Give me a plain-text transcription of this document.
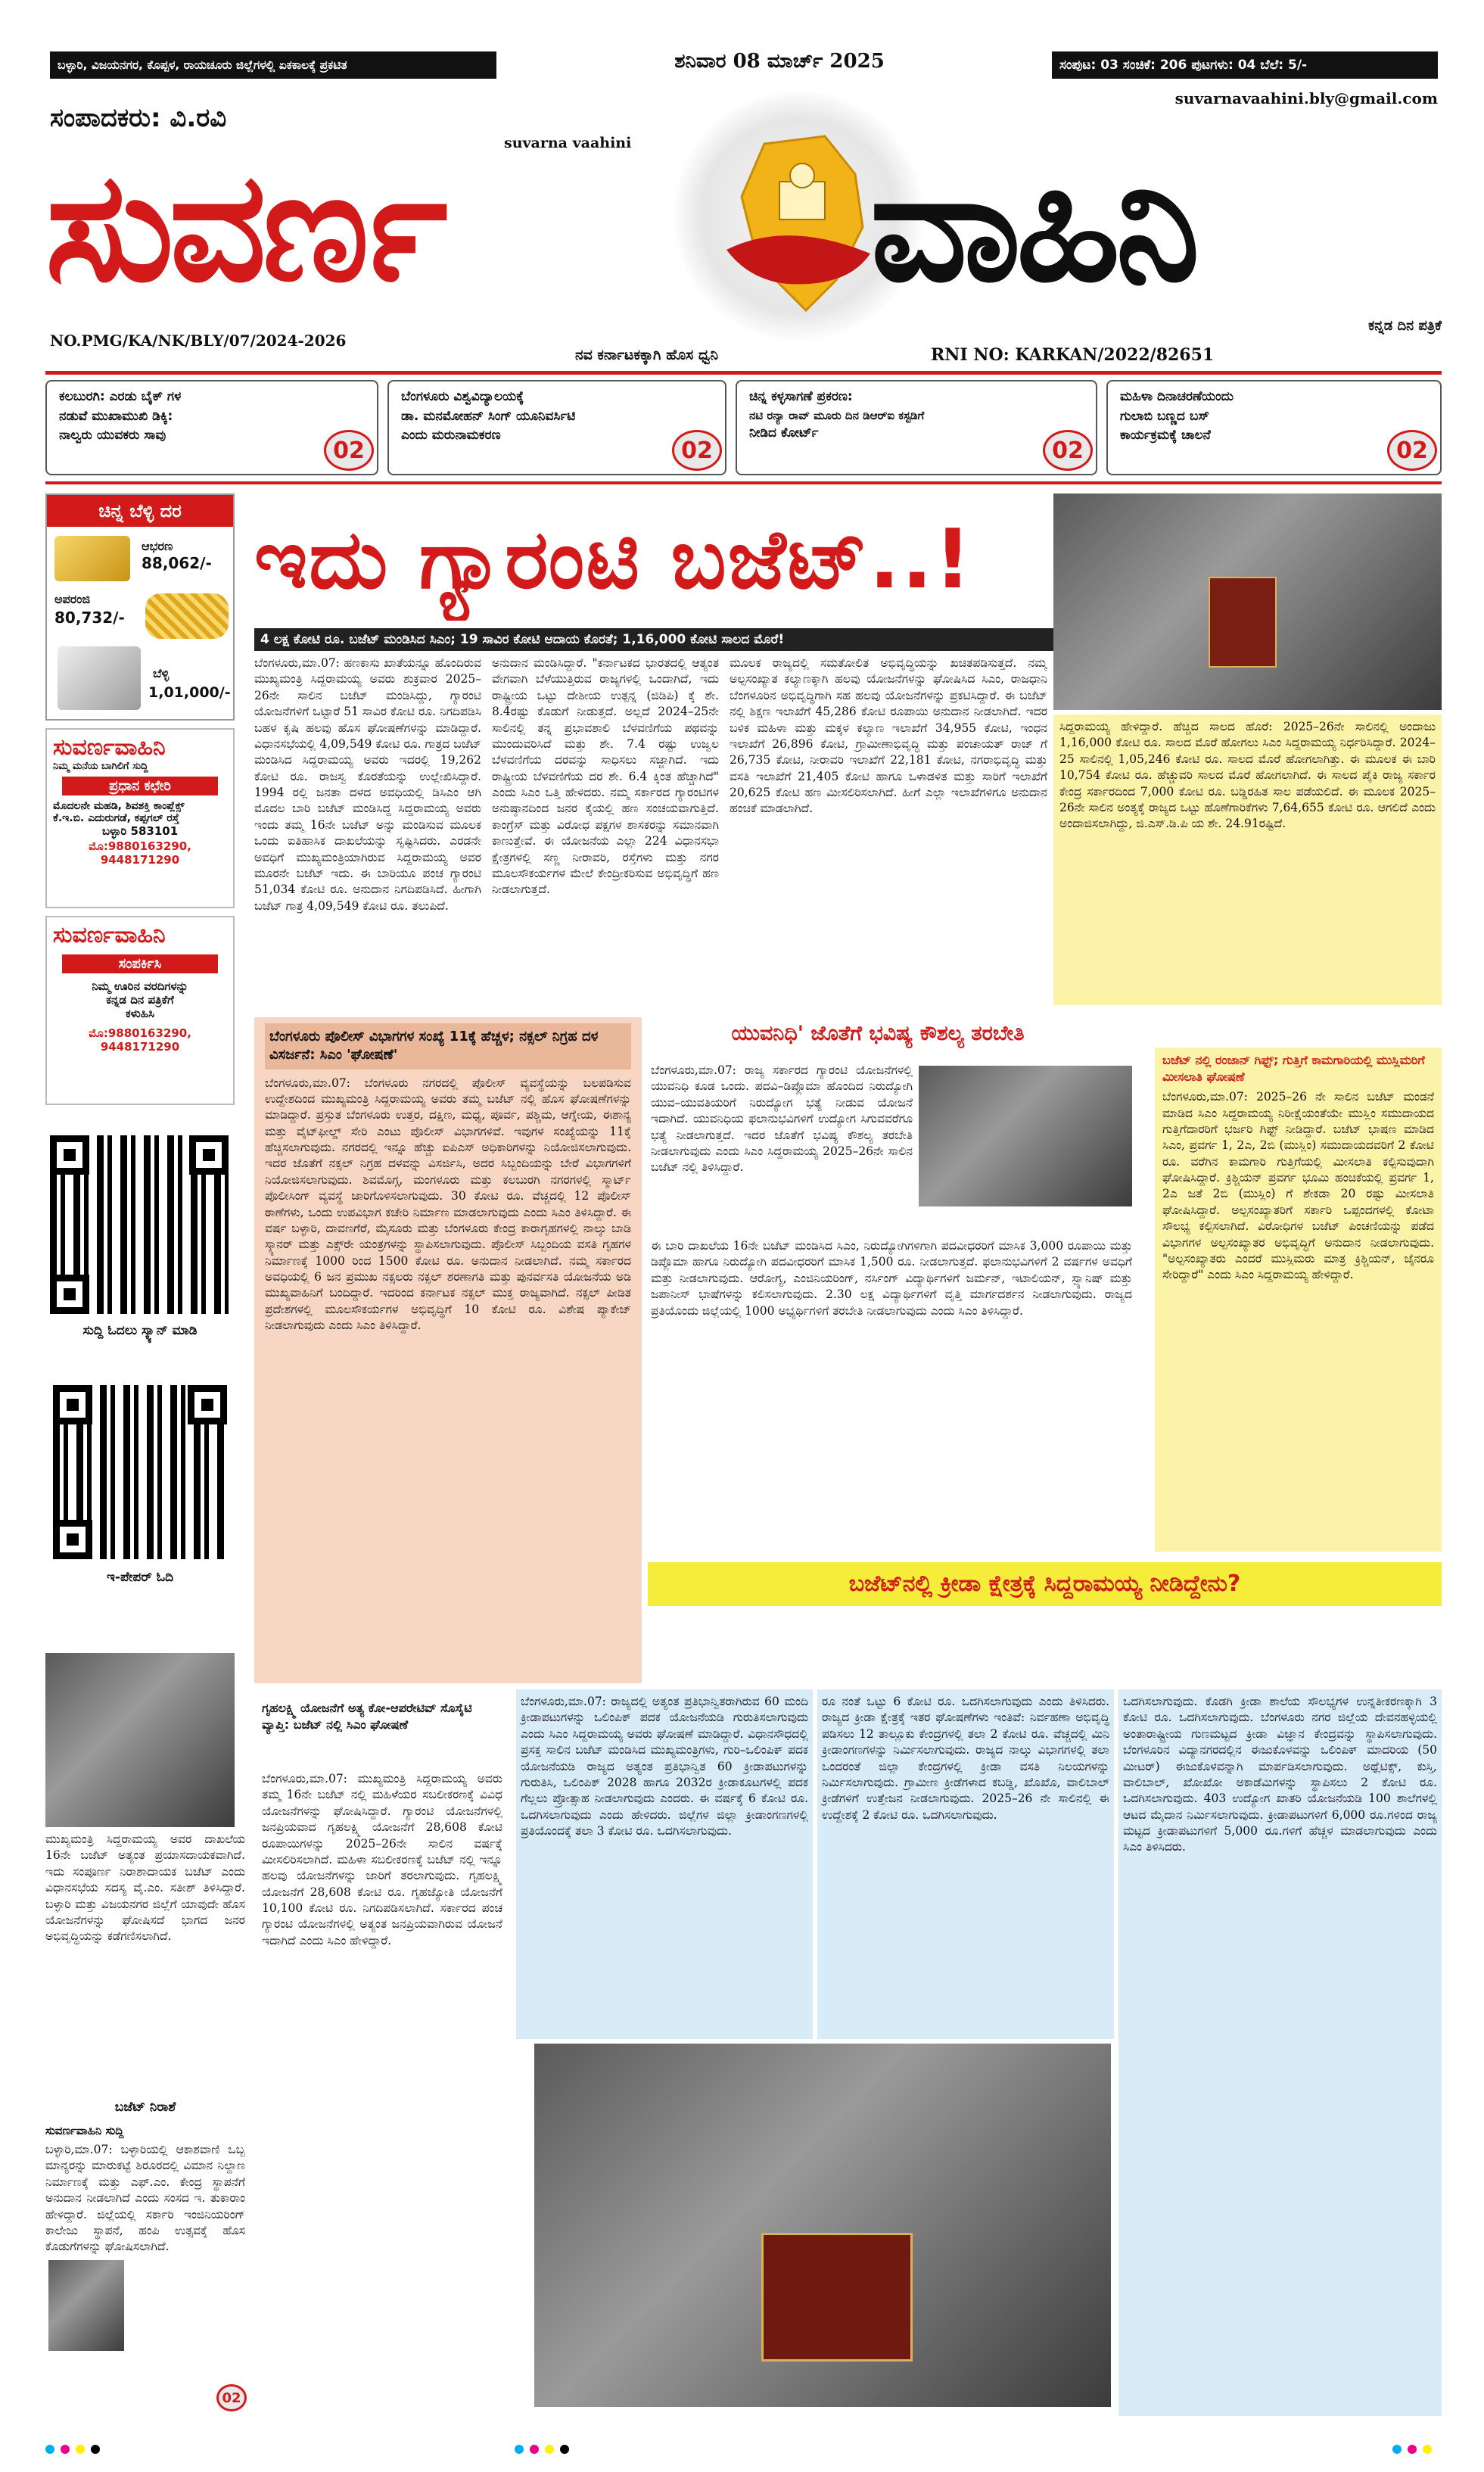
ಬಳ್ಳಾರಿ, ವಿಜಯನಗರ, ಕೊಪ್ಪಳ, ರಾಯಚೂರು ಜಿಲ್ಲೆಗಳಲ್ಲಿ ಏಕಕಾಲಕ್ಕೆ ಪ್ರಕಟಿತ	ಶನಿವಾರ 08 ಮಾರ್ಚ್ 2025	ಸಂಪುಟ: 03 ಸಂಚಿಕೆ: 206 ಪುಟಗಳು: 04 ಬೆಲೆ: 5/-
suvarnavaahini.bly@gmail.com
ಸಂಪಾದಕರು: ವಿ.ರವಿ
suvarna vaahini
ಸುವರ್ಣ	ವಾಹಿನಿ
NO.PMG/KA/NK/BLY/07/2024-2026
ನವ ಕರ್ನಾಟಕಕ್ಕಾಗಿ ಹೊಸ ಧ್ವನಿ	RNI NO: KARKAN/2022/82651
ಕನ್ನಡ ದಿನ ಪತ್ರಿಕೆ
ಕಲಬುರಗಿ: ಎರಡು ಬೈಕ್ ಗಳ
ನಡುವೆ ಮುಖಾಮುಖಿ ಡಿಕ್ಕಿ:
ನಾಲ್ವರು ಯುವಕರು ಸಾವು
02
ಬೆಂಗಳೂರು ವಿಶ್ವವಿದ್ಯಾಲಯಕ್ಕೆ
ಡಾ. ಮನಮೋಹನ್ ಸಿಂಗ್ ಯೂನಿವರ್ಸಿಟಿ
ಎಂದು ಮರುನಾಮಕರಣ
02
ಚಿನ್ನ ಕಳ್ಳಸಾಗಣೆ ಪ್ರಕರಣ:
ನಟಿ ರನ್ಯಾ ರಾವ್ ಮೂರು ದಿನ ಡಿಆರ್‌ಐ ಕಸ್ಟಡಿಗೆ
ನೀಡಿದ ಕೋರ್ಟ್
02
ಮಹಿಳಾ ದಿನಾಚರಣೆಯಂದು
ಗುಲಾಬಿ ಬಣ್ಣದ ಬಸ್
ಕಾರ್ಯಕ್ರಮಕ್ಕೆ ಚಾಲನೆ
02
ಚಿನ್ನ ಬೆಳ್ಳಿ ದರ
ಆಭರಣ
88,062/-
ಅಪರಂಜಿ
80,732/-
ಬೆಳ್ಳಿ
1,01,000/-
ಸುವರ್ಣವಾಹಿನಿ
ನಿಮ್ಮ ಮನೆಯ ಬಾಗಿಲಿಗೆ ಸುದ್ದಿ
ಪ್ರಧಾನ ಕಛೇರಿ
ಮೊದಲನೇ ಮಹಡಿ, ಶಿವಶಕ್ತಿ ಕಾಂಪ್ಲೆಕ್ಸ್
ಕೆ.ಇ.ಬಿ. ಎದುರುಗಡೆ, ಕಪ್ಪಗಲ್ ರಸ್ತೆ
ಬಳ್ಳಾರಿ 583101
ಮೊ:9880163290, 9448171290
ಸುವರ್ಣವಾಹಿನಿ
ಸಂಪರ್ಕಿಸಿ
ನಿಮ್ಮ ಊರಿನ ವರದಿಗಳನ್ನು
ಕನ್ನಡ ದಿನ ಪತ್ರಿಕೆಗೆ
ಕಳುಹಿಸಿ
ಮೊ:9880163290, 9448171290
ಸುದ್ದಿ ಓದಲು ಸ್ಕ್ಯಾನ್ ಮಾಡಿ
ಇ-ಪೇಪರ್ ಓದಿ
ಇದು ಗ್ಯಾರಂಟಿ ಬಜೆಟ್..!
4 ಲಕ್ಷ ಕೋಟಿ ರೂ. ಬಜೆಟ್ ಮಂಡಿಸಿದ ಸಿಎಂ; 19 ಸಾವಿರ ಕೋಟಿ ಆದಾಯ ಕೊರತೆ; 1,16,000 ಕೋಟಿ ಸಾಲದ ಮೊರೆ!
ಬೆಂಗಳೂರು,ಮಾ.07: ಹಣಕಾಸು ಖಾತೆಯನ್ನೂ ಹೊಂದಿರುವ ಮುಖ್ಯಮಂತ್ರಿ ಸಿದ್ದರಾಮಯ್ಯ ಅವರು ಶುಕ್ರವಾರ 2025–26ನೇ ಸಾಲಿನ ಬಜೆಟ್ ಮಂಡಿಸಿದ್ದು, ಗ್ಯಾರಂಟಿ ಯೋಜನೆಗಳಿಗೆ ಒಟ್ಟಾರೆ 51 ಸಾವಿರ ಕೋಟಿ ರೂ. ನಿಗದಿಪಡಿಸಿ ಬಹಳ ಕೃಷಿ ಹಲವು ಹೊಸ ಘೋಷಣೆಗಳನ್ನು ಮಾಡಿದ್ದಾರೆ. ವಿಧಾನಸಭೆಯಲ್ಲಿ 4,09,549 ಕೋಟಿ ರೂ. ಗಾತ್ರದ ಬಜೆಟ್ ಮಂಡಿಸಿದ ಸಿದ್ದರಾಮಯ್ಯ ಅವರು ಇದರಲ್ಲಿ 19,262 ಕೋಟಿ ರೂ. ರಾಜಸ್ವ ಕೊರತೆಯನ್ನು ಉಲ್ಲೇಖಿಸಿದ್ದಾರೆ. 1994 ರಲ್ಲಿ ಜನತಾ ದಳದ ಅವಧಿಯಲ್ಲಿ ಡಿಸಿಎಂ ಆಗಿ ಮೊದಲ ಬಾರಿ ಬಜೆಟ್ ಮಂಡಿಸಿದ್ದ ಸಿದ್ದರಾಮಯ್ಯ ಅವರು ಇಂದು ತಮ್ಮ 16ನೇ ಬಜೆಟ್ ಅನ್ನು ಮಂಡಿಸುವ ಮೂಲಕ ಒಂದು ಐತಿಹಾಸಿಕ ದಾಖಲೆಯನ್ನು ಸೃಷ್ಟಿಸಿದರು. ಎರಡನೇ ಅವಧಿಗೆ ಮುಖ್ಯಮಂತ್ರಿಯಾಗಿರುವ ಸಿದ್ದರಾಮಯ್ಯ ಅವರ ಮೂರನೇ ಬಜೆಟ್ ಇದು. ಈ ಬಾರಿಯೂ ಪಂಚ ಗ್ಯಾರಂಟಿ 51,034 ಕೋಟಿ ರೂ. ಅನುದಾನ ನಿಗದಿಪಡಿಸಿದೆ. ಹೀಗಾಗಿ ಬಜೆಟ್ ಗಾತ್ರ 4,09,549 ಕೋಟಿ ರೂ. ತಲುಪಿದೆ.
ಅನುದಾನ ಮಂಡಿಸಿದ್ದಾರೆ. "ಕರ್ನಾಟಕದ ಭಾರತದಲ್ಲಿ ಆತ್ಯಂತ ವೇಗವಾಗಿ ಬೆಳೆಯುತ್ತಿರುವ ರಾಜ್ಯಗಳಲ್ಲಿ ಒಂದಾಗಿದೆ, ಇದು ರಾಷ್ಟ್ರೀಯ ಒಟ್ಟು ದೇಶೀಯ ಉತ್ಪನ್ನ (ಜಿಡಿಪಿ) ಕ್ಕೆ ಶೇ. 8.4ರಷ್ಟು ಕೊಡುಗೆ ನೀಡುತ್ತದೆ. ಅಲ್ಲದೆ 2024–25ನೇ ಸಾಲಿನಲ್ಲಿ ತನ್ನ ಪ್ರಭಾವಶಾಲಿ ಬೆಳವಣಿಗೆಯ ಪಥವನ್ನು ಮುಂದುವರಿಸಿದೆ ಮತ್ತು ಶೇ. 7.4 ರಷ್ಟು ಉಜ್ವಲ ಬೆಳವಣಿಗೆಯ ದರವನ್ನು ಸಾಧಿಸಲು ಸಜ್ಜಾಗಿದೆ. ಇದು ರಾಷ್ಟ್ರೀಯ ಬೆಳವಣಿಗೆಯ ದರ ಶೇ. 6.4 ಕ್ಕಿಂತ ಹೆಚ್ಚಾಗಿದೆ" ಎಂದು ಸಿಎಂ ಒತ್ತಿ ಹೇಳಿದರು. ನಮ್ಮ ಸರ್ಕಾರದ ಗ್ಯಾರಂಟಿಗಳ ಅನುಷ್ಠಾನದಿಂದ ಜನರ ಕೈಯಲ್ಲಿ ಹಣ ಸಂಚಯವಾಗುತ್ತಿದೆ. ಕಾಂಗ್ರೆಸ್ ಮತ್ತು ವಿರೋಧ ಪಕ್ಷಗಳ ಶಾಸಕರನ್ನು ಸಮಾನವಾಗಿ ಕಾಣುತ್ತೇವೆ. ಈ ಯೋಜನೆಯ ಎಲ್ಲಾ 224 ವಿಧಾನಸಭಾ ಕ್ಷೇತ್ರಗಳಲ್ಲಿ ಸಣ್ಣ ನೀರಾವರಿ, ರಸ್ತೆಗಳು ಮತ್ತು ನಗರ ಮೂಲಸೌಕರ್ಯಗಳ ಮೇಲೆ ಕೇಂದ್ರೀಕರಿಸುವ ಅಭಿವೃದ್ಧಿಗೆ ಹಣ ನೀಡಲಾಗುತ್ತದೆ.
ಮೂಲಕ ರಾಜ್ಯದಲ್ಲಿ ಸಮತೋಲಿತ ಅಭಿವೃದ್ಧಿಯನ್ನು ಖಚಿತಪಡಿಸುತ್ತದೆ. ನಮ್ಮ ಅಲ್ಪಸಂಖ್ಯಾತ ಕಲ್ಯಾಣಕ್ಕಾಗಿ ಹಲವು ಯೋಜನೆಗಳನ್ನು ಘೋಷಿಸಿದ ಸಿಎಂ, ರಾಜಧಾನಿ ಬೆಂಗಳೂರಿನ ಅಭಿವೃದ್ಧಿಗಾಗಿ ಸಹ ಹಲವು ಯೋಜನೆಗಳನ್ನು ಪ್ರಕಟಿಸಿದ್ದಾರೆ. ಈ ಬಜೆಟ್ ನಲ್ಲಿ ಶಿಕ್ಷಣ ಇಲಾಖೆಗೆ 45,286 ಕೋಟಿ ರೂಪಾಯಿ ಅನುದಾನ ನೀಡಲಾಗಿದೆ. ಇದರ ಬಳಿಕ ಮಹಿಳಾ ಮತ್ತು ಮಕ್ಕಳ ಕಲ್ಯಾಣ ಇಲಾಖೆಗೆ 34,955 ಕೋಟಿ, ಇಂಧನ ಇಲಾಖೆಗೆ 26,896 ಕೋಟಿ, ಗ್ರಾಮೀಣಾಭಿವೃದ್ಧಿ ಮತ್ತು ಪಂಚಾಯತ್ ರಾಜ್ ಗೆ 26,735 ಕೋಟಿ, ನೀರಾವರಿ ಇಲಾಖೆಗೆ 22,181 ಕೋಟಿ, ನಗರಾಭಿವೃದ್ಧಿ ಮತ್ತು ವಸತಿ ಇಲಾಖೆಗೆ 21,405 ಕೋಟಿ ಹಾಗೂ ಒಳಾಡಳಿತ ಮತ್ತು ಸಾರಿಗೆ ಇಲಾಖೆಗೆ 20,625 ಕೋಟಿ ಹಣ ಮೀಸಲಿರಿಸಲಾಗಿದೆ. ಹೀಗೆ ಎಲ್ಲಾ ಇಲಾಖೆಗಳಿಗೂ ಅನುದಾನ ಹಂಚಿಕೆ ಮಾಡಲಾಗಿದೆ.
ಸಿದ್ದರಾಮಯ್ಯ ಹೇಳಿದ್ದಾರೆ. ಹೆಚ್ಚಿದ ಸಾಲದ ಹೊರೆ: 2025–26ನೇ ಸಾಲಿನಲ್ಲಿ ಅಂದಾಜು 1,16,000 ಕೋಟಿ ರೂ. ಸಾಲದ ಮೊರೆ ಹೋಗಲು ಸಿಎಂ ಸಿದ್ದರಾಮಯ್ಯ ನಿರ್ಧರಿಸಿದ್ದಾರೆ. 2024–25 ಸಾಲಿನಲ್ಲಿ 1,05,246 ಕೋಟಿ ರೂ. ಸಾಲದ ಮೊರೆ ಹೋಗಲಾಗಿತ್ತು. ಈ ಮೂಲಕ ಈ ಬಾರಿ 10,754 ಕೋಟಿ ರೂ. ಹೆಚ್ಚುವರಿ ಸಾಲದ ಮೊರೆ ಹೋಗಲಾಗಿದೆ. ಈ ಸಾಲದ ಪೈಕಿ ರಾಜ್ಯ ಸರ್ಕಾರ ಕೇಂದ್ರ ಸರ್ಕಾರದಿಂದ 7,000 ಕೋಟಿ ರೂ. ಬಡ್ಡಿರಹಿತ ಸಾಲ ಪಡೆಯಲಿದೆ. ಈ ಮೂಲಕ 2025–26ನೇ ಸಾಲಿನ ಅಂತ್ಯಕ್ಕೆ ರಾಜ್ಯದ ಒಟ್ಟು ಹೊಣೆಗಾರಿಕೆಗಳು 7,64,655 ಕೋಟಿ ರೂ. ಆಗಲಿದೆ ಎಂದು ಅಂದಾಜಿಸಲಾಗಿದ್ದು, ಜಿ.ಎಸ್.ಡಿ.ಪಿ ಯ ಶೇ. 24.91ರಷ್ಟಿದೆ.
ಬೆಂಗಳೂರು ಪೊಲೀಸ್ ವಿಭಾಗಗಳ ಸಂಖ್ಯೆ 11ಕ್ಕೆ ಹೆಚ್ಚಳ; ನಕ್ಸಲ್ ನಿಗ್ರಹ ದಳ ವಿಸರ್ಜನೆ: ಸಿಎಂ 'ಘೋಷಣೆ'
ಬೆಂಗಳೂರು,ಮಾ.07: ಬೆಂಗಳೂರು ನಗರದಲ್ಲಿ ಪೊಲೀಸ್ ವ್ಯವಸ್ಥೆಯನ್ನು ಬಲಪಡಿಸುವ ಉದ್ದೇಶದಿಂದ ಮುಖ್ಯಮಂತ್ರಿ ಸಿದ್ದರಾಮಯ್ಯ ಅವರು ತಮ್ಮ ಬಜೆಟ್ ನಲ್ಲಿ ಹೊಸ ಘೋಷಣೆಗಳನ್ನು ಮಾಡಿದ್ದಾರೆ. ಪ್ರಸ್ತುತ ಬೆಂಗಳೂರು ಉತ್ತರ, ದಕ್ಷಿಣ, ಮಧ್ಯ, ಪೂರ್ವ, ಪಶ್ಚಿಮ, ಆಗ್ನೇಯ, ಈಶಾನ್ಯ ಮತ್ತು ವೈಟ್‌ಫೀಲ್ಡ್ ಸೇರಿ ಎಂಟು ಪೊಲೀಸ್ ವಿಭಾಗಗಳಿವೆ. ಇವುಗಳ ಸಂಖ್ಯೆಯನ್ನು 11ಕ್ಕೆ ಹೆಚ್ಚಿಸಲಾಗುವುದು. ನಗರದಲ್ಲಿ ಇನ್ನೂ ಹೆಚ್ಚು ಐಪಿಎಸ್ ಅಧಿಕಾರಿಗಳನ್ನು ನಿಯೋಜಿಸಲಾಗುವುದು. ಇದರ ಜೊತೆಗೆ ನಕ್ಸಲ್ ನಿಗ್ರಹ ದಳವನ್ನು ವಿಸರ್ಜಿಸಿ, ಅದರ ಸಿಬ್ಬಂದಿಯನ್ನು ಬೇರೆ ವಿಭಾಗಗಳಿಗೆ ನಿಯೋಜಿಸಲಾಗುವುದು. ಶಿವಮೊಗ್ಗ, ಮಂಗಳೂರು ಮತ್ತು ಕಲಬುರಗಿ ನಗರಗಳಲ್ಲಿ ಸ್ಮಾರ್ಟ್ ಪೊಲೀಸಿಂಗ್ ವ್ಯವಸ್ಥೆ ಜಾರಿಗೊಳಿಸಲಾಗುವುದು. 30 ಕೋಟಿ ರೂ. ವೆಚ್ಚದಲ್ಲಿ 12 ಪೊಲೀಸ್ ಠಾಣೆಗಳು, ಒಂದು ಉಪವಿಭಾಗ ಕಚೇರಿ ನಿರ್ಮಾಣ ಮಾಡಲಾಗುವುದು ಎಂದು ಸಿಎಂ ತಿಳಿಸಿದ್ದಾರೆ. ಈ ವರ್ಷ ಬಳ್ಳಾರಿ, ದಾವಣಗೆರೆ, ಮೈಸೂರು ಮತ್ತು ಬೆಂಗಳೂರು ಕೇಂದ್ರ ಕಾರಾಗೃಹಗಳಲ್ಲಿ ನಾಲ್ಕು ಬಾಡಿ ಸ್ಕ್ಯಾನರ್ ಮತ್ತು ಎಕ್ಸ್‌ರೇ ಯಂತ್ರಗಳನ್ನು ಸ್ಥಾಪಿಸಲಾಗುವುದು. ಪೊಲೀಸ್ ಸಿಬ್ಬಂದಿಯ ವಸತಿ ಗೃಹಗಳ ನಿರ್ಮಾಣಕ್ಕೆ 1000 ರಿಂದ 1500 ಕೋಟಿ ರೂ. ಅನುದಾನ ನೀಡಲಾಗಿದೆ. ನಮ್ಮ ಸರ್ಕಾರದ ಅವಧಿಯಲ್ಲಿ 6 ಜನ ಪ್ರಮುಖ ನಕ್ಸಲರು ನಕ್ಸಲ್ ಶರಣಾಗತಿ ಮತ್ತು ಪುನರ್ವಸತಿ ಯೋಜನೆಯ ಅಡಿ ಮುಖ್ಯವಾಹಿನಿಗೆ ಬಂದಿದ್ದಾರೆ. ಇದರಿಂದ ಕರ್ನಾಟಕ ನಕ್ಸಲ್ ಮುಕ್ತ ರಾಜ್ಯವಾಗಿದೆ. ನಕ್ಸಲ್ ಪೀಡಿತ ಪ್ರದೇಶಗಳಲ್ಲಿ ಮೂಲಸೌಕರ್ಯಗಳ ಅಭಿವೃದ್ಧಿಗೆ 10 ಕೋಟಿ ರೂ. ವಿಶೇಷ ಪ್ಯಾಕೇಜ್ ನೀಡಲಾಗುವುದು ಎಂದು ಸಿಎಂ ತಿಳಿಸಿದ್ದಾರೆ.
ಯುವನಿಧಿ' ಜೊತೆಗೆ ಭವಿಷ್ಯ ಕೌಶಲ್ಯ ತರಬೇತಿ
ಬೆಂಗಳೂರು,ಮಾ.07: ರಾಜ್ಯ ಸರ್ಕಾರದ ಗ್ಯಾರಂಟಿ ಯೋಜನೆಗಳಲ್ಲಿ ಯುವನಿಧಿ ಕೂಡ ಒಂದು. ಪದವಿ–ಡಿಪ್ಲೊಮಾ ಹೊಂದಿದ ನಿರುದ್ಯೋಗಿ ಯುವ–ಯುವತಿಯರಿಗೆ ನಿರುದ್ಯೋಗ ಭತ್ಯೆ ನೀಡುವ ಯೋಜನೆ ಇದಾಗಿದೆ. ಯುವನಿಧಿಯ ಫಲಾನುಭವಿಗಳಿಗೆ ಉದ್ಯೋಗ ಸಿಗುವವರೆಗೂ ಭತ್ಯೆ ನೀಡಲಾಗುತ್ತದೆ. ಇದರ ಜೊತೆಗೆ ಭವಿಷ್ಯ ಕೌಶಲ್ಯ ತರಬೇತಿ ನೀಡಲಾಗುವುದು ಎಂದು ಸಿಎಂ ಸಿದ್ದರಾಮಯ್ಯ 2025–26ನೇ ಸಾಲಿನ ಬಜೆಟ್ ನಲ್ಲಿ ತಿಳಿಸಿದ್ದಾರೆ.
ಈ ಬಾರಿ ದಾಖಲೆಯ 16ನೇ ಬಜೆಟ್ ಮಂಡಿಸಿದ ಸಿಎಂ, ನಿರುದ್ಯೋಗಿಗಳಿಗಾಗಿ ಪದವೀಧರರಿಗೆ ಮಾಸಿಕ 3,000 ರೂಪಾಯಿ ಮತ್ತು ಡಿಪ್ಲೊಮಾ ಹಾಗೂ ನಿರುದ್ಯೋಗಿ ಪದವೀಧರರಿಗೆ ಮಾಸಿಕ 1,500 ರೂ. ನೀಡಲಾಗುತ್ತದೆ. ಫಲಾನುಭವಿಗಳಿಗೆ 2 ವರ್ಷಗಳ ಅವಧಿಗೆ ಮತ್ತು ನೀಡಲಾಗುವುದು. ಆರೋಗ್ಯ, ಎಂಜಿನಿಯರಿಂಗ್, ನರ್ಸಿಂಗ್ ವಿದ್ಯಾರ್ಥಿಗಳಿಗೆ ಜರ್ಮನ್, ಇಟಾಲಿಯನ್, ಸ್ಪ್ಯಾನಿಷ್ ಮತ್ತು ಜಪಾನೀಸ್ ಭಾಷೆಗಳನ್ನು ಕಲಿಸಲಾಗುವುದು. 2.30 ಲಕ್ಷ ವಿದ್ಯಾರ್ಥಿಗಳಿಗೆ ವೃತ್ತಿ ಮಾರ್ಗದರ್ಶನ ನೀಡಲಾಗುವುದು. ರಾಜ್ಯದ ಪ್ರತಿಯೊಂದು ಜಿಲ್ಲೆಯಲ್ಲಿ 1000 ಅಭ್ಯರ್ಥಿಗಳಿಗೆ ತರಬೇತಿ ನೀಡಲಾಗುವುದು ಎಂದು ಸಿಎಂ ತಿಳಿಸಿದ್ದಾರೆ.
ಬಜೆಟ್ ನಲ್ಲಿ ರಂಜಾನ್ ಗಿಫ್ಟ್; ಗುತ್ತಿಗೆ ಕಾಮಗಾರಿಯಲ್ಲಿ ಮುಸ್ಲಿಮರಿಗೆ ಮೀಸಲಾತಿ ಘೋಷಣೆ
ಬೆಂಗಳೂರು,ಮಾ.07: 2025–26 ನೇ ಸಾಲಿನ ಬಜೆಟ್ ಮಂಡನೆ ಮಾಡಿದ ಸಿಎಂ ಸಿದ್ದರಾಮಯ್ಯ ನಿರೀಕ್ಷೆಯಂತೆಯೇ ಮುಸ್ಲಿಂ ಸಮುದಾಯದ ಗುತ್ತಿಗೆದಾರರಿಗೆ ಭರ್ಜರಿ ಗಿಫ್ಟ್ ನೀಡಿದ್ದಾರೆ. ಬಜೆಟ್ ಭಾಷಣ ಮಾಡಿದ ಸಿಎಂ, ಪ್ರವರ್ಗ 1, 2ಎ, 2ಬಿ (ಮುಸ್ಲಿಂ) ಸಮುದಾಯದವರಿಗೆ 2 ಕೋಟಿ ರೂ. ವರೆಗಿನ ಕಾಮಗಾರಿ ಗುತ್ತಿಗೆಯಲ್ಲಿ ಮೀಸಲಾತಿ ಕಲ್ಪಿಸುವುದಾಗಿ ಘೋಷಿಸಿದ್ದಾರೆ. ಕ್ರಿಶ್ಚಿಯನ್ ಪ್ರವರ್ಗ ಭೂಮಿ ಹಂಚಿಕೆಯಲ್ಲಿ ಪ್ರವರ್ಗ 1, 2ಎ ಜತೆ 2ಬಿ (ಮುಸ್ಲಿಂ) ಗೆ ಶೇಕಡಾ 20 ರಷ್ಟು ಮೀಸಲಾತಿ ಘೋಷಿಸಿದ್ದಾರೆ. ಅಲ್ಪಸಂಖ್ಯಾತರಿಗೆ ಸರ್ಕಾರಿ ಒಪ್ಪಂದಗಳಲ್ಲಿ ಕೋಟಾ ಸೌಲಭ್ಯ ಕಲ್ಪಿಸಲಾಗಿದೆ. ವಿರೋಧಿಗಳ ಬಜೆಟ್ ಪಿಂಚಣಿಯನ್ನು ಪಡೆದ ವಿಭಾಗಗಳ ಅಲ್ಪಸಂಖ್ಯಾತರ ಅಭಿವೃದ್ಧಿಗೆ ಅನುದಾನ ನೀಡಲಾಗುವುದು. "ಅಲ್ಪಸಂಖ್ಯಾತರು ಎಂದರೆ ಮುಸ್ಲಿಮರು ಮಾತ್ರ ಕ್ರಿಶ್ಚಿಯನ್, ಜೈನರೂ ಸೇರಿದ್ದಾರೆ" ಎಂದು ಸಿಎಂ ಸಿದ್ದರಾಮಯ್ಯ ಹೇಳಿದ್ದಾರೆ.
ಬಜೆಟ್‌ನಲ್ಲಿ ಕ್ರೀಡಾ ಕ್ಷೇತ್ರಕ್ಕೆ ಸಿದ್ದರಾಮಯ್ಯ ನೀಡಿದ್ದೇನು?
ಬೆಂಗಳೂರು,ಮಾ.07: ರಾಜ್ಯದಲ್ಲಿ ಅತ್ಯಂತ ಪ್ರತಿಭಾನ್ವಿತರಾಗಿರುವ 60 ಮಂದಿ ಕ್ರೀಡಾಪಟುಗಳನ್ನು ಒಲಿಂಪಿಕ್ ಪದಕ ಯೋಜನೆಯಡಿ ಗುರುತಿಸಲಾಗುವುದು ಎಂದು ಸಿಎಂ ಸಿದ್ದರಾಮಯ್ಯ ಅವರು ಘೋಷಣೆ ಮಾಡಿದ್ದಾರೆ. ವಿಧಾನಸೌಧದಲ್ಲಿ ಪ್ರಸಕ್ತ ಸಾಲಿನ ಬಜೆಟ್ ಮಂಡಿಸಿದ ಮುಖ್ಯಮಂತ್ರಿಗಳು, ಗುರಿ–ಒಲಿಂಪಿಕ್ ಪದಕ ಯೋಜನೆಯಡಿ ರಾಜ್ಯದ ಅತ್ಯಂತ ಪ್ರತಿಭಾನ್ವಿತ 60 ಕ್ರೀಡಾಪಟುಗಳನ್ನು ಗುರುತಿಸಿ, ಒಲಿಂಪಿಕ್ 2028 ಹಾಗೂ 2032ರ ಕ್ರೀಡಾಕೂಟಗಳಲ್ಲಿ ಪದಕ ಗೆಲ್ಲಲು ಪ್ರೋತ್ಸಾಹ ನೀಡಲಾಗುವುದು ಎಂದರು. ಈ ವರ್ಷಕ್ಕೆ 6 ಕೋಟಿ ರೂ. ಒದಗಿಸಲಾಗುವುದು ಎಂದು ಹೇಳಿದರು. ಜಿಲ್ಲೆಗಳ ಜಿಲ್ಲಾ ಕ್ರೀಡಾಂಗಣಗಳಲ್ಲಿ ಪ್ರತಿಯೊಂದಕ್ಕೆ ತಲಾ 3 ಕೋಟಿ ರೂ. ಒದಗಿಸಲಾಗುವುದು.
ರೂ ನಂತೆ ಒಟ್ಟು 6 ಕೋಟಿ ರೂ. ಒದಗಿಸಲಾಗುವುದು ಎಂದು ತಿಳಿಸಿದರು. ರಾಜ್ಯದ ಕ್ರೀಡಾ ಕ್ಷೇತ್ರಕ್ಕೆ ಇತರ ಘೋಷಣೆಗಳು ಇಂತಿವೆ: ನಿರ್ವಹಣಾ ಅಭಿವೃದ್ಧಿ ಪಡಿಸಲು 12 ತಾಲ್ಲೂಕು ಕೇಂದ್ರಗಳಲ್ಲಿ ತಲಾ 2 ಕೋಟಿ ರೂ. ವೆಚ್ಚದಲ್ಲಿ ಮಿನಿ ಕ್ರೀಡಾಂಗಣಗಳನ್ನು ನಿರ್ಮಿಸಲಾಗುವುದು. ರಾಜ್ಯದ ನಾಲ್ಕು ವಿಭಾಗಗಳಲ್ಲಿ ತಲಾ ಒಂದರಂತೆ ಜಿಲ್ಲಾ ಕೇಂದ್ರಗಳಲ್ಲಿ ಕ್ರೀಡಾ ವಸತಿ ನಿಲಯಗಳನ್ನು ನಿರ್ಮಿಸಲಾಗುವುದು. ಗ್ರಾಮೀಣ ಕ್ರೀಡೆಗಳಾದ ಕಬಡ್ಡಿ, ಖೊಖೊ, ವಾಲಿಬಾಲ್ ಕ್ರೀಡೆಗಳಿಗೆ ಉತ್ತೇಜನ ನೀಡಲಾಗುವುದು. 2025–26 ನೇ ಸಾಲಿನಲ್ಲಿ ಈ ಉದ್ದೇಶಕ್ಕೆ 2 ಕೋಟಿ ರೂ. ಒದಗಿಸಲಾಗುವುದು.
ಒದಗಿಸಲಾಗುವುದು. ಕೊಡಗಿ ಕ್ರೀಡಾ ಶಾಲೆಯ ಸೌಲಭ್ಯಗಳ ಉನ್ನತೀಕರಣಕ್ಕಾಗಿ 3 ಕೋಟಿ ರೂ. ಒದಗಿಸಲಾಗುವುದು. ಬೆಂಗಳೂರು ನಗರ ಜಿಲ್ಲೆಯ ದೇವನಹಳ್ಳಿಯಲ್ಲಿ ಅಂತಾರಾಷ್ಟ್ರೀಯ ಗುಣಮಟ್ಟದ ಕ್ರೀಡಾ ವಿಜ್ಞಾನ ಕೇಂದ್ರವನ್ನು ಸ್ಥಾಪಿಸಲಾಗುವುದು. ಬೆಂಗಳೂರಿನ ವಿದ್ಯಾನಗರದಲ್ಲಿನ ಈಜುಕೊಳವನ್ನು ಒಲಿಂಪಿಕ್ ಮಾದರಿಯ (50 ಮೀಟರ್) ಈಜುಕೊಳವನ್ನಾಗಿ ಮಾರ್ಪಡಿಸಲಾಗುವುದು. ಅಥ್ಲೆಟಿಕ್ಸ್, ಕುಸ್ತಿ, ವಾಲಿಬಾಲ್, ಖೋಖೋ ಅಕಾಡೆಮಿಗಳನ್ನು ಸ್ಥಾಪಿಸಲು 2 ಕೋಟಿ ರೂ. ಒದಗಿಸಲಾಗುವುದು. 403 ಉದ್ಯೋಗ ಖಾತರಿ ಯೋಜನೆಯಡಿ 100 ಶಾಲೆಗಳಲ್ಲಿ ಆಟದ ಮೈದಾನ ನಿರ್ಮಿಸಲಾಗುವುದು. ಕ್ರೀಡಾಪಟುಗಳಿಗೆ 6,000 ರೂ.ಗಳಿಂದ ರಾಜ್ಯ ಮಟ್ಟದ ಕ್ರೀಡಾಪಟುಗಳಿಗೆ 5,000 ರೂ.ಗಳಿಗೆ ಹೆಚ್ಚಳ ಮಾಡಲಾಗುವುದು ಎಂದು ಸಿಎಂ ತಿಳಿಸಿದರು.
ಗೃಹಲಕ್ಷ್ಮಿ ಯೋಜನೆಗೆ ಅತ್ಯ ಕೋ-ಆಪರೇಟಿವ್ ಸೊಸೈಟಿ ವ್ಯಾಪ್ತಿ: ಬಜೆಟ್ ನಲ್ಲಿ ಸಿಎಂ ಘೋಷಣೆ
ಬೆಂಗಳೂರು,ಮಾ.07: ಮುಖ್ಯಮಂತ್ರಿ ಸಿದ್ದರಾಮಯ್ಯ ಅವರು ತಮ್ಮ 16ನೇ ಬಜೆಟ್ ನಲ್ಲಿ ಮಹಿಳೆಯರ ಸಬಲೀಕರಣಕ್ಕೆ ವಿವಿಧ ಯೋಜನೆಗಳನ್ನು ಘೋಷಿಸಿದ್ದಾರೆ. ಗ್ಯಾರಂಟಿ ಯೋಜನೆಗಳಲ್ಲಿ ಜನಪ್ರಿಯವಾದ ಗೃಹಲಕ್ಷ್ಮಿ ಯೋಜನೆಗೆ 28,608 ಕೋಟಿ ರೂಪಾಯಿಗಳನ್ನು 2025–26ನೇ ಸಾಲಿನ ವರ್ಷಕ್ಕೆ ಮೀಸಲಿರಿಸಲಾಗಿದೆ. ಮಹಿಳಾ ಸಬಲೀಕರಣಕ್ಕೆ ಬಜೆಟ್ ನಲ್ಲಿ ಇನ್ನೂ ಹಲವು ಯೋಜನೆಗಳನ್ನು ಜಾರಿಗೆ ತರಲಾಗುವುದು. ಗೃಹಲಕ್ಷ್ಮಿ ಯೋಜನೆಗೆ 28,608 ಕೋಟಿ ರೂ. ಗೃಹಜ್ಯೋತಿ ಯೋಜನೆಗೆ 10,100 ಕೋಟಿ ರೂ. ನಿಗದಿಪಡಿಸಲಾಗಿದೆ. ಸರ್ಕಾರದ ಪಂಚ ಗ್ಯಾರಂಟಿ ಯೋಜನೆಗಳಲ್ಲಿ ಅತ್ಯಂತ ಜನಪ್ರಿಯವಾಗಿರುವ ಯೋಜನೆ ಇದಾಗಿದೆ ಎಂದು ಸಿಎಂ ಹೇಳಿದ್ದಾರೆ.
ಮುಖ್ಯಮಂತ್ರಿ ಸಿದ್ದರಾಮಯ್ಯ ಅವರ ದಾಖಲೆಯ 16ನೇ ಬಜೆಟ್ ಅತ್ಯಂತ ಪ್ರಯಾಸದಾಯಕವಾಗಿದೆ. ಇದು ಸಂಪೂರ್ಣ ನಿರಾಶಾದಾಯಕ ಬಜೆಟ್ ಎಂದು ವಿಧಾನಸಭೆಯ ಸದಸ್ಯ ವೈ.ಎಂ. ಸತೀಶ್ ತಿಳಿಸಿದ್ದಾರೆ. ಬಳ್ಳಾರಿ ಮತ್ತು ವಿಜಯನಗರ ಜಿಲ್ಲೆಗೆ ಯಾವುದೇ ಹೊಸ ಯೋಜನೆಗಳನ್ನು ಘೋಷಿಸದೆ ಭಾಗದ ಜನರ ಅಭಿವೃದ್ಧಿಯನ್ನು ಕಡೆಗಣಿಸಲಾಗಿದೆ.
ಬಜೆಟ್ ನಿರಾಶೆ
ಸುವರ್ಣವಾಹಿನಿ ಸುದ್ದಿ
ಬಳ್ಳಾರಿ,ಮಾ.07: ಬಳ್ಳಾರಿಯಲ್ಲಿ ಆಕಾಶವಾಣಿ ಒಬ್ಬ ಮಾನ್ಯರನ್ನು ಮಾರುಕಟ್ಟೆ ಶಿರೂರದಲ್ಲಿ ವಿಮಾನ ನಿಲ್ದಾಣ ನಿರ್ಮಾಣಕ್ಕೆ ಮತ್ತು ಎಫ್.ಎಂ. ಕೇಂದ್ರ ಸ್ಥಾಪನೆಗೆ ಅನುದಾನ ನೀಡಲಾಗಿದೆ ಎಂದು ಸಂಸದ ಇ. ತುಕಾರಾಂ ಹೇಳಿದ್ದಾರೆ. ಜಿಲ್ಲೆಯಲ್ಲಿ ಸರ್ಕಾರಿ ಇಂಜಿನಿಯರಿಂಗ್ ಕಾಲೇಜು ಸ್ಥಾಪನೆ, ಹಂಪಿ ಉತ್ಸವಕ್ಕೆ ಹೊಸ ಕೊಡುಗೆಗಳನ್ನು ಘೋಷಿಸಲಾಗಿದೆ.
02
